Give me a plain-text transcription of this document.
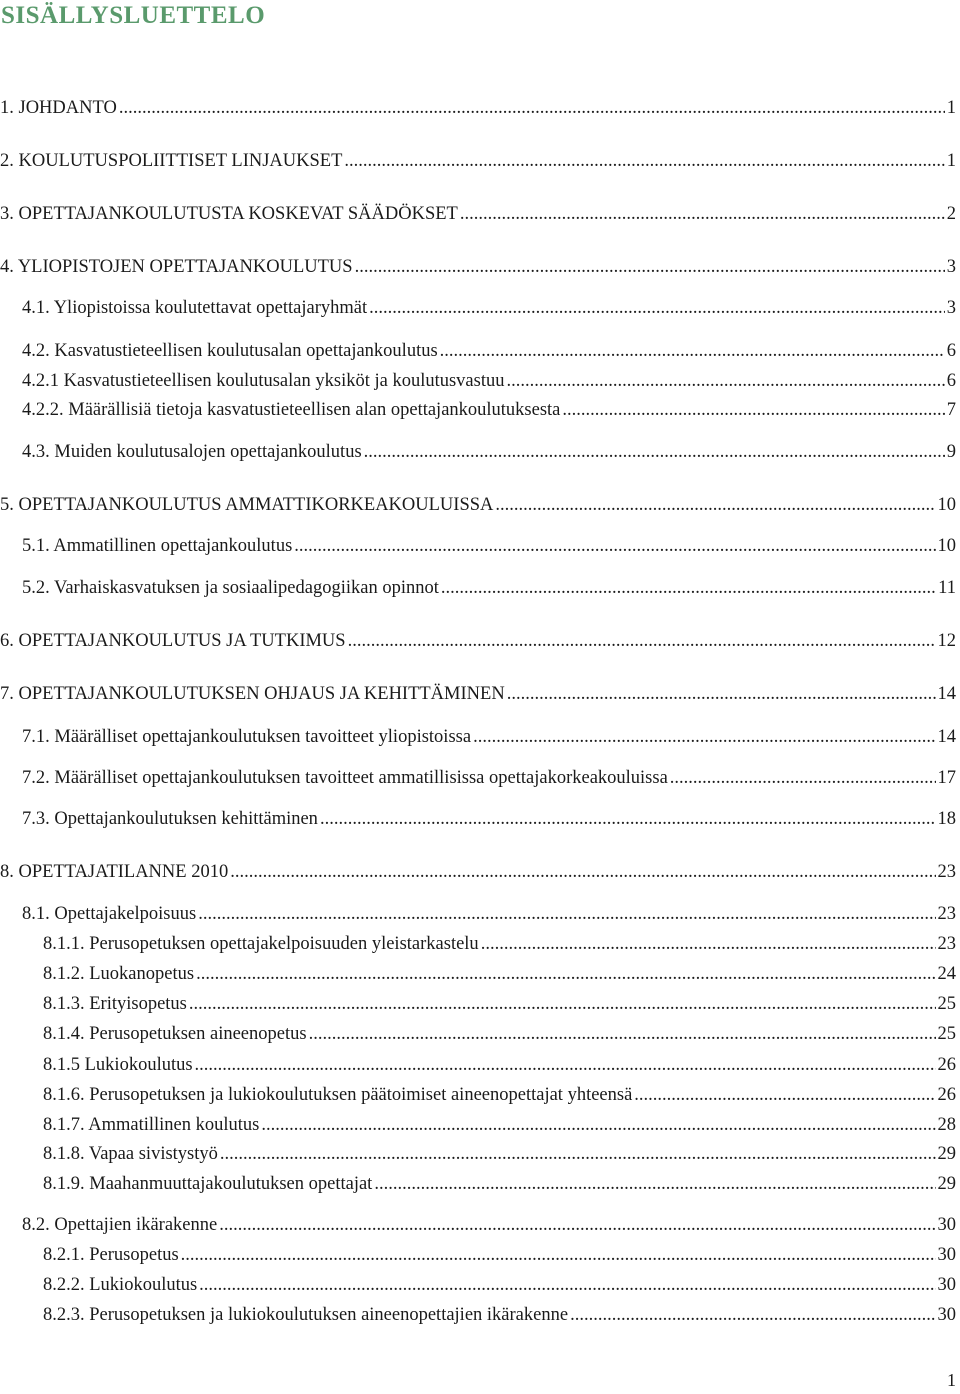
SISÄLLYSLUETTELO
1. JOHDANTO .....	1
2. KOULUTUSPOLIITTISET LINJAUKSET .....	1
3. OPETTAJANKOULUTUSTA KOSKEVAT SÄÄDÖKSET .....	2
4. YLIOPISTOJEN OPETTAJANKOULUTUS .....	3
4.1. Yliopistoissa koulutettavat opettajaryhmät .....	3
4.2. Kasvatustieteellisen koulutusalan opettajankoulutus .....	6
4.2.1 Kasvatustieteellisen koulutusalan yksiköt ja koulutusvastuu .....	6
4.2.2. Määrällisiä tietoja kasvatustieteellisen alan opettajankoulutuksesta .....	7
4.3. Muiden koulutusalojen opettajankoulutus .....	9
5. OPETTAJANKOULUTUS AMMATTIKORKEAKOULUISSA .....	10
5.1. Ammatillinen opettajankoulutus .....	10
5.2. Varhaiskasvatuksen ja sosiaalipedagogiikan opinnot .....	11
6. OPETTAJANKOULUTUS JA TUTKIMUS .....	12
7. OPETTAJANKOULUTUKSEN OHJAUS JA KEHITTÄMINEN .....	14
7.1. Määrälliset opettajankoulutuksen tavoitteet yliopistoissa .....	14
7.2. Määrälliset opettajankoulutuksen tavoitteet ammatillisissa opettajakorkeakouluissa .....	17
7.3. Opettajankoulutuksen kehittäminen .....	18
8. OPETTAJATILANNE 2010 .....	23
8.1. Opettajakelpoisuus .....	23
8.1.1. Perusopetuksen opettajakelpoisuuden yleistarkastelu .....	23
8.1.2. Luokanopetus .....	24
8.1.3. Erityisopetus .....	25
8.1.4. Perusopetuksen aineenopetus .....	25
8.1.5 Lukiokoulutus .....	26
8.1.6. Perusopetuksen ja lukiokoulutuksen päätoimiset aineenopettajat yhteensä .....	26
8.1.7. Ammatillinen koulutus .....	28
8.1.8. Vapaa sivistystyö .....	29
8.1.9. Maahanmuuttajakoulutuksen opettajat .....	29
8.2. Opettajien ikärakenne .....	30
8.2.1. Perusopetus .....	30
8.2.2. Lukiokoulutus .....	30
8.2.3. Perusopetuksen ja lukiokoulutuksen aineenopettajien ikärakenne .....	30
1
